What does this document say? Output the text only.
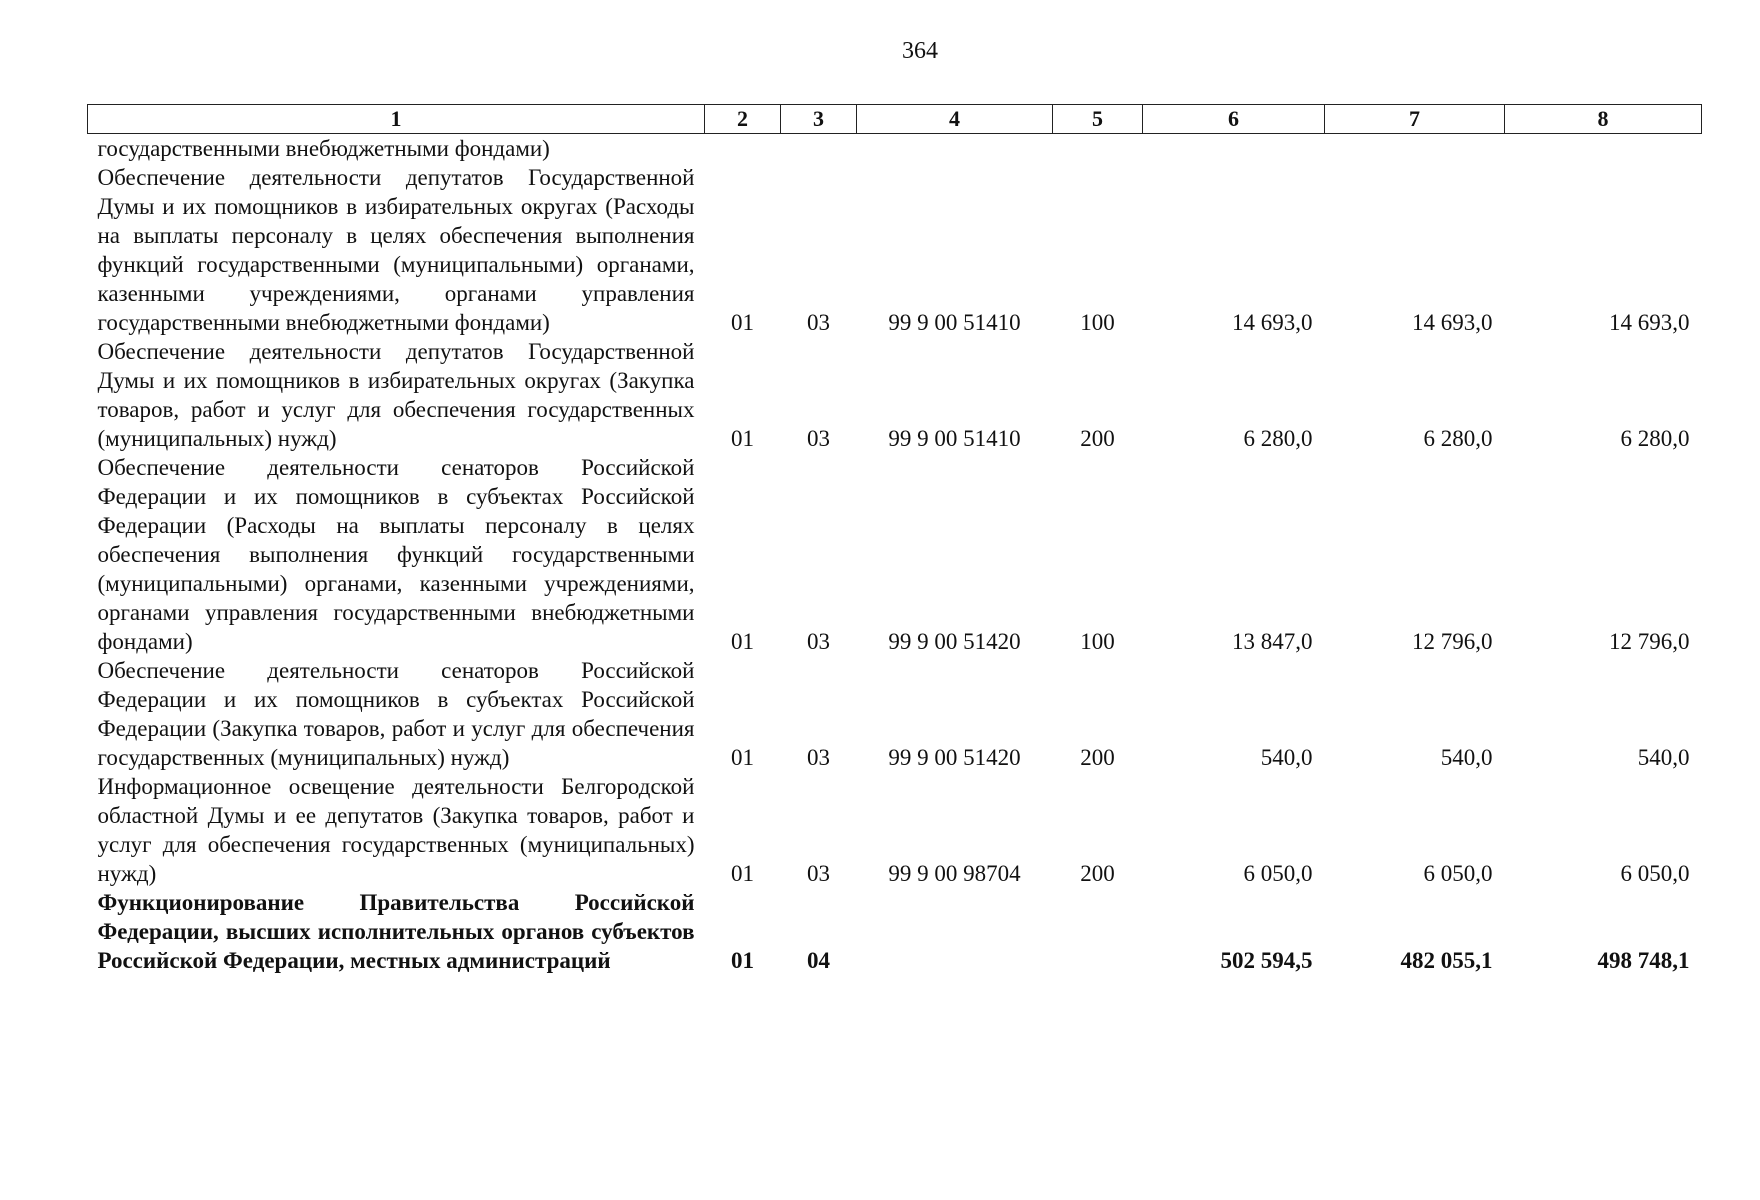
364
1	2	3	4	5	6	7	8
государственными внебюджетными фондами)							
Обеспечение деятельности депутатов Государственной Думы и их помощников в избирательных округах (Расходы на выплаты персоналу в целях обеспечения выполнения функций государственными (муниципальными) органами, казенными учреждениями, органами управления государственными внебюджетными фондами)	01	03	99 9 00 51410	100	14 693,0	14 693,0	14 693,0
Обеспечение деятельности депутатов Государственной Думы и их помощников в избирательных округах (Закупка товаров, работ и услуг для обеспечения государственных (муниципальных) нужд)	01	03	99 9 00 51410	200	6 280,0	6 280,0	6 280,0
Обеспечение деятельности сенаторов Российской Федерации и их помощников в субъектах Российской Федерации (Расходы на выплаты персоналу в целях обеспечения выполнения функций государственными (муниципальными) органами, казенными учреждениями, органами управления государственными внебюджетными фондами)	01	03	99 9 00 51420	100	13 847,0	12 796,0	12 796,0
Обеспечение деятельности сенаторов Российской Федерации и их помощников в субъектах Российской Федерации (Закупка товаров, работ и услуг для обеспечения государственных (муниципальных) нужд)	01	03	99 9 00 51420	200	540,0	540,0	540,0
Информационное освещение деятельности Белгородской областной Думы и ее депутатов (Закупка товаров, работ и услуг для обеспечения государственных (муниципальных) нужд)	01	03	99 9 00 98704	200	6 050,0	6 050,0	6 050,0
Функционирование Правительства Российской Федерации, высших исполнительных органов субъектов Российской Федерации, местных администраций	01	04			502 594,5	482 055,1	498 748,1
